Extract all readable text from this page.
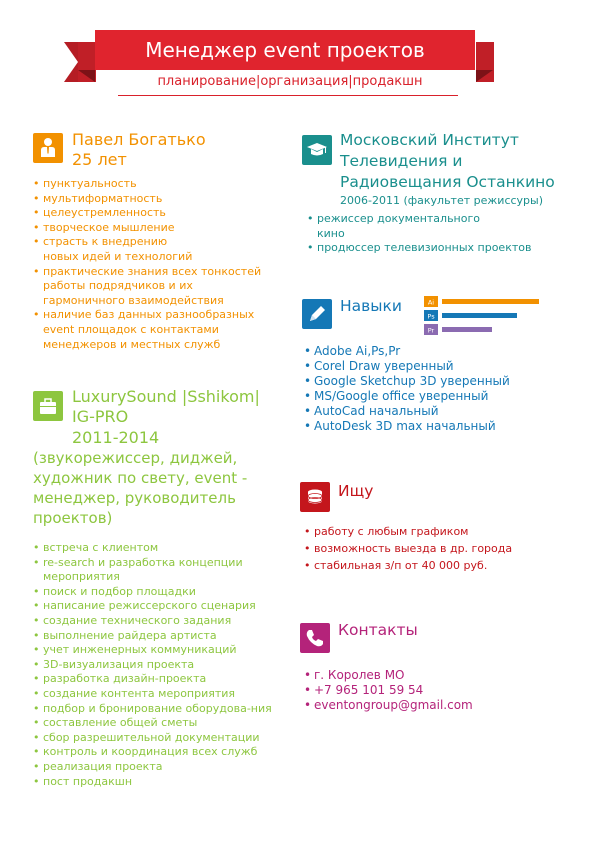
Менеджер event проектов
планирование|организация|продакшн
Павел Богатько
25 лет
• пунктуальность
• мультиформатность
• целеустремленность
• творческое мышление
• страсть к внедрению новых идей и технологий
• практические знания всех тонкостей работы подрядчиков и их гармоничного взаимодействия
• наличие баз данных разнообразных event площадок с контактами менеджеров и местных служб
LuxurySound |Sshikom|
IG-PRO
2011-2014
(звукорежиссер, диджей, художник по свету, event - менеджер, руководитель проектов)
• встреча с клиентом
• re-search и разработка концепции мероприятия
• поиск и подбор площадки
• написание режиссерского сценария
• создание технического задания
• выполнение райдера артиста
• учет инженерных коммуникаций
• 3D-визуализация проекта
• разработка дизайн-проекта
• создание контента мероприятия
• подбор и бронирование оборудова-ния
• составление общей сметы
• сбор разрешительной документации
• контроль и координация всех служб
• реализация проекта
• пост продакшн
Московский Институт
Телевидения и
Радиовещания Останкино
2006-2011 (факультет режиссуры)
• режиссер документального кино
• продюссер телевизионных проектов
Навыки	Ai
Ps
Pr
• Adobe Ai,Ps,Pr
• Corel Draw уверенный
• Google Sketchup 3D уверенный
• MS/Google office уверенный
• AutoCad начальный
• AutoDesk 3D max начальный
Ищу
• работу с любым графиком
• возможность выезда в др. города
• стабильная з/п от 40 000 руб.
Контакты
• г. Королев МО
• +7 965 101 59 54
• eventongroup@gmail.com
